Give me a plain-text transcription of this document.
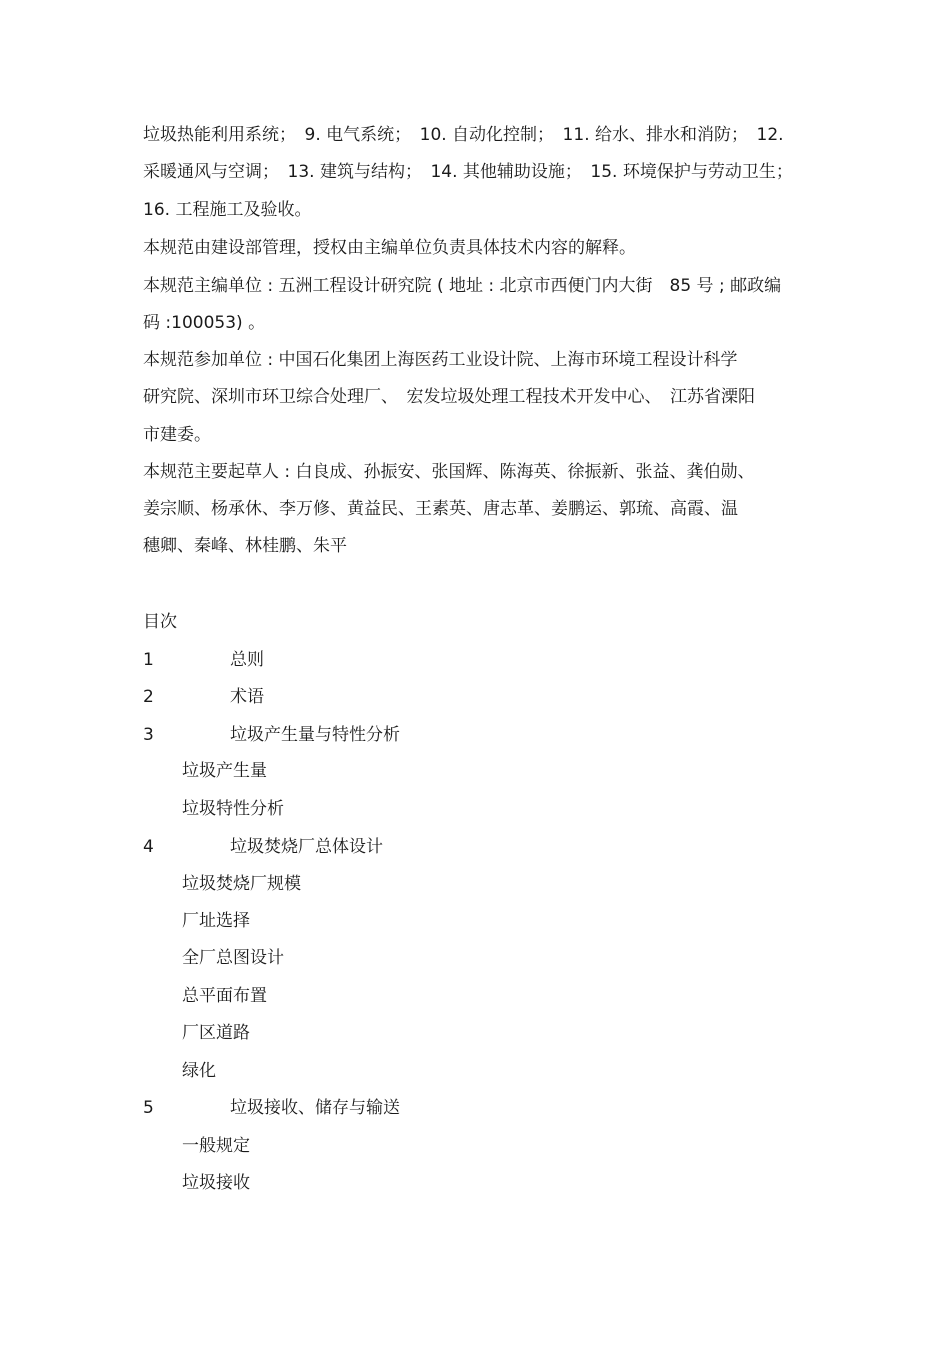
垃圾热能利用系统；　9. 电气系统；　10. 自动化控制；　11. 给水、排水和消防；　12.
采暖通风与空调；　13. 建筑与结构；　14. 其他辅助设施；　15. 环境保护与劳动卫生；
16. 工程施工及验收。
本规范由建设部管理，授权由主编单位负责具体技术内容的解释。
本规范主编单位 : 五洲工程设计研究院 ( 地址 : 北京市西便门内大街　85 号 ; 邮政编
码 :100053) 。
本规范参加单位 : 中国石化集团上海医药工业设计院、上海市环境工程设计科学
研究院、深圳市环卫综合处理厂、　宏发垃圾处理工程技术开发中心、　江苏省溧阳
市建委。
本规范主要起草人 : 白良成、孙振安、张国辉、陈海英、徐振新、张益、龚伯勋、
姜宗顺、杨承休、李万修、黄益民、王素英、唐志革、姜鹏运、郭琉、高霞、温
穗卿、秦峰、林桂鹏、朱平
目次
1	总则
2	术语
3	垃圾产生量与特性分析
垃圾产生量
垃圾特性分析
4	垃圾焚烧厂总体设计
垃圾焚烧厂规模
厂址选择
全厂总图设计
总平面布置
厂区道路
绿化
5	垃圾接收、储存与输送
一般规定
垃圾接收
